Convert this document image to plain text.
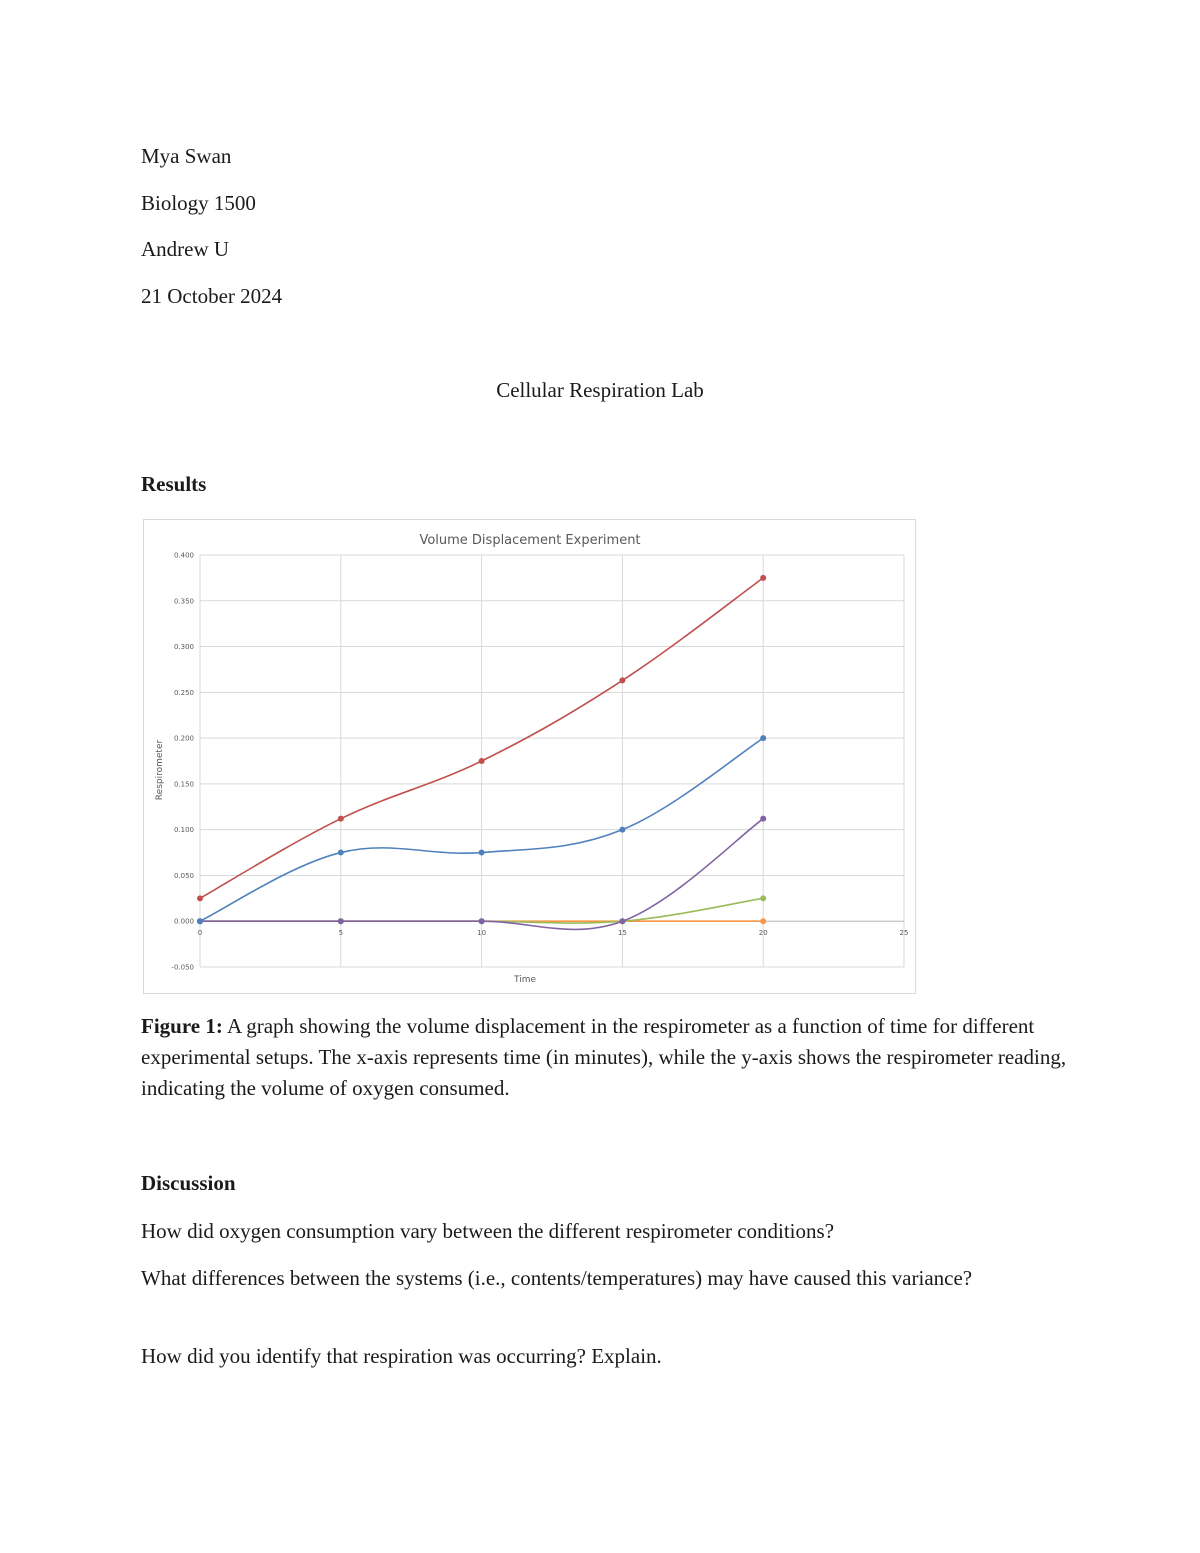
Mya Swan
Biology 1500
Andrew U
21 October 2024
Cellular Respiration Lab
Results
-0.050
0.000
0.050
0.100
0.150
0.200
0.250
0.300
0.350
0.400
0	5	10	15	20	25
Volume Displacement Experiment
Time
Respirometer
Figure 1: A graph showing the volume displacement in the respirometer as a function of time for different experimental setups. The x-axis represents time (in minutes), while the y-axis shows the respirometer reading, indicating the volume of oxygen consumed.
Discussion
How did oxygen consumption vary between the different respirometer conditions?
What differences between the systems (i.e., contents/temperatures) may have caused this variance?
How did you identify that respiration was occurring? Explain.
